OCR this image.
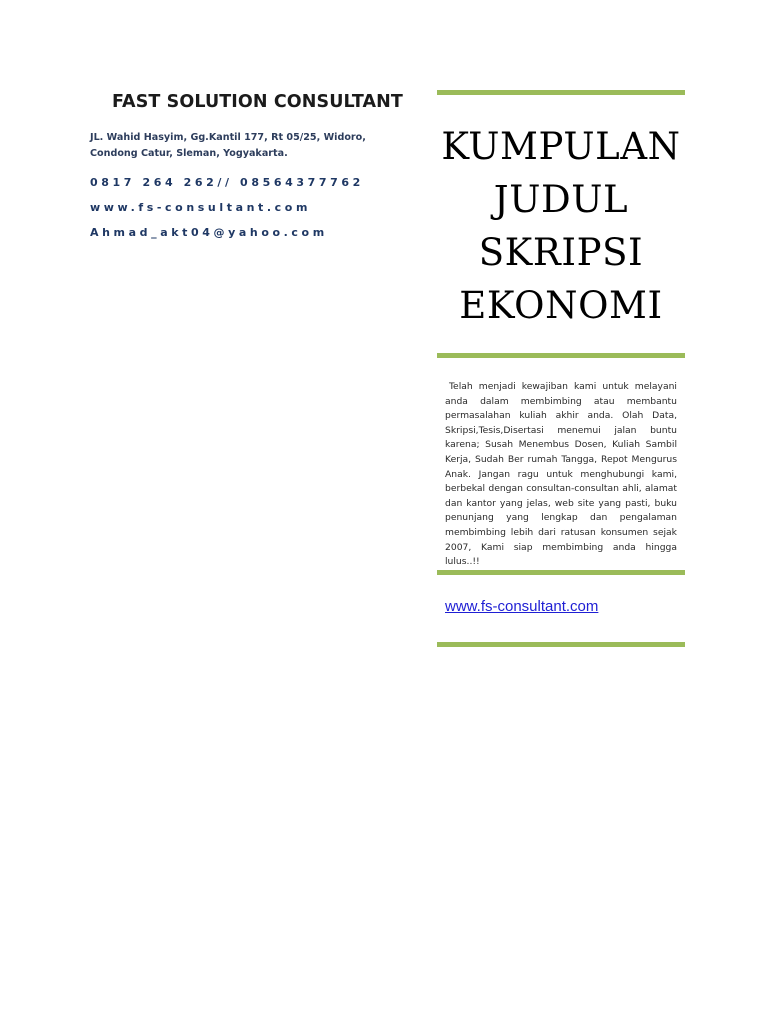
FAST SOLUTION CONSULTANT
JL. Wahid Hasyim, Gg.Kantil 177, Rt 05/25, Widoro, Condong Catur, Sleman, Yogyakarta.
0817 264 262// 08564377762
www.fs-consultant.com
Ahmad_akt04@yahoo.com
KUMPULAN
JUDUL
SKRIPSI
EKONOMI
Telah menjadi kewajiban kami untuk melayani anda dalam membimbing atau membantu permasalahan kuliah akhir anda. Olah Data, Skripsi,Tesis,Disertasi menemui jalan buntu karena; Susah Menembus Dosen, Kuliah Sambil Kerja, Sudah Ber rumah Tangga, Repot Mengurus Anak. Jangan ragu untuk menghubungi kami, berbekal dengan consultan-consultan ahli, alamat dan kantor yang jelas, web site yang pasti, buku penunjang yang lengkap dan pengalaman membimbing lebih dari ratusan konsumen sejak 2007, Kami siap membimbing anda hingga lulus..!!
www.fs-consultant.com
